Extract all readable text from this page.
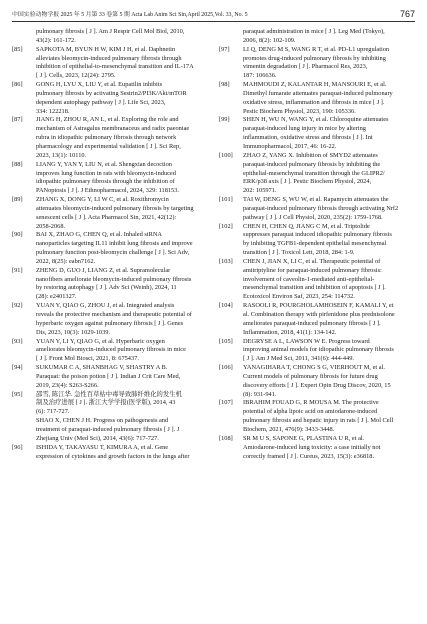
中国实验动物学报 2025 年 5 月第 33 卷第 5 期 Acta Lab Anim Sci Sin,April 2025,Vol. 33, No. 5	767
pulmonary fibrosis [ J ]. Am J Respir Cell Mol Biol, 2010,
43(2): 161-172.
[85]	SAPKOTA M, BYUN H W, KIM J H, et al. Daphnetin

alleviates bleomycin-induced pulmonary fibrosis through

inhibition of epithelial-to-mesenchymal transition and IL-17A

[ J ]. Cells, 2023, 12(24): 2795.

[86]	GONG H, LYU X, LIU Y, et al. Eupatilin inhibits

pulmonary fibrosis by activating Sestrin2/PI3K/Akt/mTOR

dependent autophagy pathway [ J ]. Life Sci, 2023,

334: 122218.

[87]	JIANG H, ZHOU R, AN L, et al. Exploring the role and

mechanism of Astragalus membranaceus and radix paeoniae

rubra in idiopathic pulmonary fibrosis through network

pharmacology and experimental validation [ J ]. Sci Rep,

2023, 13(1): 10110.

[88]	LIANG Y, YAN Y, LIU N, et al. Shengxian decoction

improves lung function in rats with bleomycin-induced

idiopathic pulmonary fibrosis through the inhibition of

PANoptosis [ J ]. J Ethnopharmacol, 2024, 329: 118153.

[89]	ZHANG X, DONG Y, LI W C, et al. Roxithromycin

attenuates bleomycin-induced pulmonary fibrosis by targeting

senescent cells [ J ]. Acta Pharmacol Sin, 2021, 42(12):

2058-2068.

[90]	BAI X, ZHAO G, CHEN Q, et al. Inhaled siRNA

nanoparticles targeting IL11 inhibit lung fibrosis and improve

pulmonary function post-bleomycin challenge [ J ]. Sci Adv,

2022, 8(25): eabn7162.

[91]	ZHENG D, GUO J, LIANG Z, et al. Supramolecular

nanofibers ameliorate bleomycin-induced pulmonary fibrosis

by restoring autophagy [ J ]. Adv Sci (Weinh), 2024, 11

(28): e2401327.

[92]	YUAN Y, QIAO G, ZHOU J, et al. Integrated analysis

reveals the protective mechanism and therapeutic potential of

hyperbaric oxygen against pulmonary fibrosis [ J ]. Genes

Dis, 2023, 10(3): 1029-1039.

[93]	YUAN Y, LI Y, QIAO G, et al. Hyperbaric oxygen

ameliorates bleomycin-induced pulmonary fibrosis in mice

[ J ]. Front Mol Biosci, 2021, 8: 675437.

[94]	SUKUMAR C A, SHANBHAG V, SHASTRY A B.

Paraquat: the poison potion [ J ]. Indian J Crit Care Med,

2019, 23(4): S263-S266.

[95]	邵雪, 陈江华. 急性百草枯中毒导致肺纤维化的发生机

制及治疗进展 [ J ]. 浙江大学学报(医学版), 2014, 43

(6): 717-727.

SHAO X, CHEN J H. Progress on pathogenesis and

treatment of paraquat-induced pulmonary fibrosis [ J ]. J

Zhejiang Univ (Med Sci), 2014, 43(6): 717-727.

[96]	ISHIDA Y, TAKAYASU T, KIMURA A, et al. Gene

expression of cytokines and growth factors in the lungs after

paraquat administration in mice [ J ]. Leg Med (Tokyo),
2006, 8(2): 102-109.
[97]	LI Q, DENG M S, WANG R T, et al. PD-L1 upregulation

promotes drug-induced pulmonary fibrosis by inhibiting

vimentin degradation [ J ]. Pharmacol Res, 2023,

187: 106636.

[98]	MAHMOUDI Z, KALANTAR H, MANSOURI E, et al.

Dimethyl fumarate attenuates paraquat-induced pulmonary

oxidative stress, inflammation and fibrosis in mice [ J ].

Pestic Biochem Physiol, 2023, 190: 105336.

[99]	SHEN H, WU N, WANG Y, et al. Chloroquine attenuates

paraquat-induced lung injury in mice by altering

inflammation, oxidative stress and fibrosis [ J ]. Int

Immunopharmacol, 2017, 46: 16-22.

[100]	ZHAO Z, YANG X. Inhibition of SMYD2 attenuates

paraquat-induced pulmonary fibrosis by inhibiting the

epithelial-mesenchymal transition through the GLIPR2/

ERK/p38 axis [ J ]. Pestic Biochem Physiol, 2024,

202: 105971.

[101]	TAI W, DENG S, WU W, et al. Rapamycin attenuates the

paraquat-induced pulmonary fibrosis through activating Nrf2

pathway [ J ]. J Cell Physiol, 2020, 235(2): 1759-1768.

[102]	CHEN H, CHEN Q, JIANG C M, et al. Triptolide

suppresses paraquat induced idiopathic pulmonary fibrosis

by inhibiting TGFB1-dependent epithelial mesenchymal

transition [ J ]. Toxicol Lett, 2018, 284: 1-9.

[103]	CHEN J, JIAN X, LI C, et al. Therapeutic potential of

amitriptyline for paraquat-induced pulmonary fibrosis:

involvement of caveolin-1-mediated anti-epithelial-

mesenchymal transition and inhibition of apoptosis [ J ].

Ecotoxicol Environ Saf, 2023, 254: 114732.

[104]	RASOOLI R, POURGHOLAMHOSEIN F, KAMALI Y, et

al. Combination therapy with pirfenidone plus prednisolone

ameliorates paraquat-induced pulmonary fibrosis [ J ].

Inflammation, 2018, 41(1): 134-142.

[105]	DEGRYSE A L, LAWSON W E. Progress toward

improving animal models for idiopathic pulmonary fibrosis

[ J ]. Am J Med Sci, 2011, 341(6): 444-449.

[106]	YANAGIHARA T, CHONG S G, VIERHOUT M, et al.

Current models of pulmonary fibrosis for future drug

discovery efforts [ J ]. Expert Opin Drug Discov, 2020, 15

(8): 931-941.

[107]	IBRAHIM FOUAD G, R MOUSA M. The protective

potential of alpha lipoic acid on amiodarone-induced

pulmonary fibrosis and hepatic injury in rats [ J ]. Mol Cell

Biochem, 2021, 476(9): 3433-3448.

[108]	SR M U S, SAPONE G, PLASTINA U R, et al.

Amiodarone-induced lung toxicity: a case initially not

correctly framed [ J ]. Cureus, 2023, 15(3): e36818.
